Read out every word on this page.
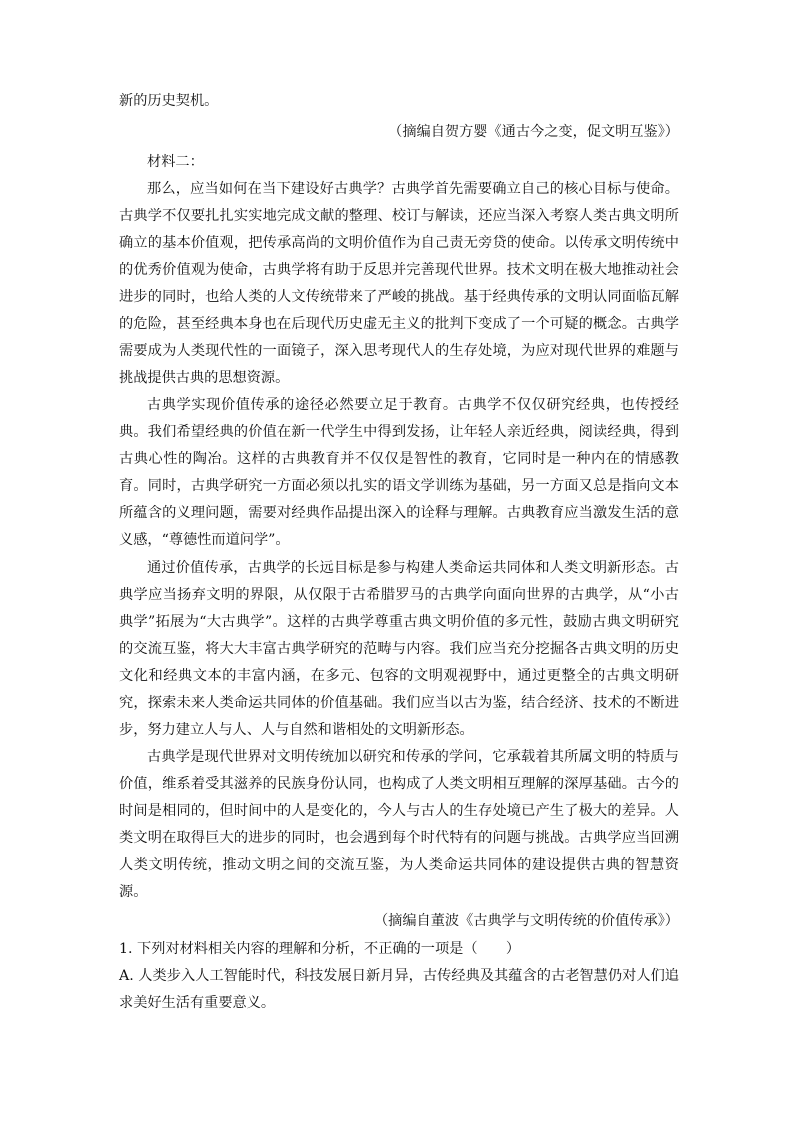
新的历史契机。
（摘编自贺方婴《通古今之变，促文明互鉴》）
材料二：
那么，应当如何在当下建设好古典学？古典学首先需要确立自己的核心目标与使命。
古典学不仅要扎扎实实地完成文献的整理、校订与解读，还应当深入考察人类古典文明所
确立的基本价值观，把传承高尚的文明价值作为自己责无旁贷的使命。以传承文明传统中
的优秀价值观为使命，古典学将有助于反思并完善现代世界。技术文明在极大地推动社会
进步的同时，也给人类的人文传统带来了严峻的挑战。基于经典传承的文明认同面临瓦解
的危险，甚至经典本身也在后现代历史虚无主义的批判下变成了一个可疑的概念。古典学
需要成为人类现代性的一面镜子，深入思考现代人的生存处境，为应对现代世界的难题与
挑战提供古典的思想资源。
古典学实现价值传承的途径必然要立足于教育。古典学不仅仅研究经典，也传授经
典。我们希望经典的价值在新一代学生中得到发扬，让年轻人亲近经典，阅读经典，得到
古典心性的陶冶。这样的古典教育并不仅仅是智性的教育，它同时是一种内在的情感教
育。同时，古典学研究一方面必须以扎实的语文学训练为基础，另一方面又总是指向文本
所蕴含的义理问题，需要对经典作品提出深入的诠释与理解。古典教育应当激发生活的意
义感，“尊德性而道问学”。
通过价值传承，古典学的长远目标是参与构建人类命运共同体和人类文明新形态。古
典学应当扬弃文明的界限，从仅限于古希腊罗马的古典学向面向世界的古典学，从“小古
典学”拓展为“大古典学”。这样的古典学尊重古典文明价值的多元性，鼓励古典文明研究
的交流互鉴，将大大丰富古典学研究的范畴与内容。我们应当充分挖掘各古典文明的历史
文化和经典文本的丰富内涵，在多元、包容的文明观视野中，通过更整全的古典文明研
究，探索未来人类命运共同体的价值基础。我们应当以古为鉴，结合经济、技术的不断进
步，努力建立人与人、人与自然和谐相处的文明新形态。
古典学是现代世界对文明传统加以研究和传承的学问，它承载着其所属文明的特质与
价值，维系着受其滋养的民族身份认同，也构成了人类文明相互理解的深厚基础。古今的
时间是相同的，但时间中的人是变化的，今人与古人的生存处境已产生了极大的差异。人
类文明在取得巨大的进步的同时，也会遇到每个时代特有的问题与挑战。古典学应当回溯
人类文明传统，推动文明之间的交流互鉴，为人类命运共同体的建设提供古典的智慧资
源。
（摘编自董波《古典学与文明传统的价值传承》）
1. 下列对材料相关内容的理解和分析，不正确的一项是（　　）
A. 人类步入人工智能时代，科技发展日新月异，古传经典及其蕴含的古老智慧仍对人们追
求美好生活有重要意义。
